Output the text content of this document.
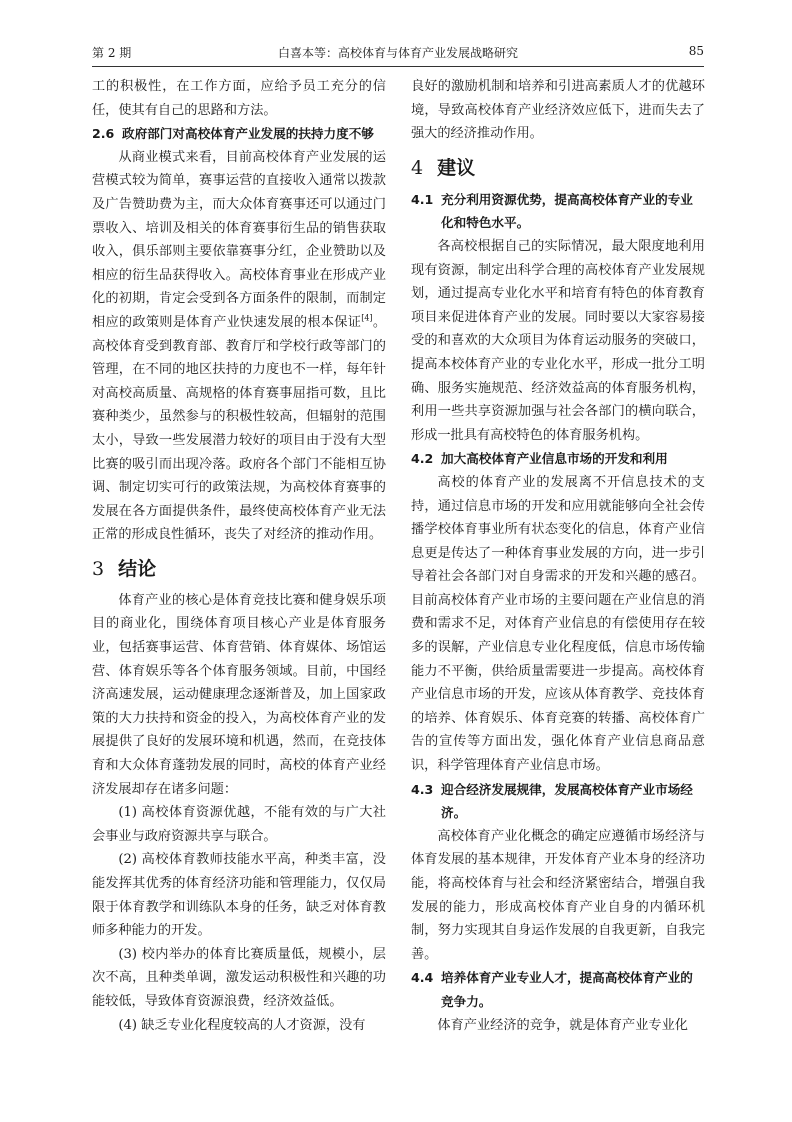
第 2 期	白喜本等：高校体育与体育产业发展战略研究	85

工的积极性，在工作方面，应给予员工充分的信任，使其有自己的思路和方法。

2.6 政府部门对高校体育产业发展的扶持力度不够

从商业模式来看，目前高校体育产业发展的运营模式较为简单，赛事运营的直接收入通常以拨款及广告赞助费为主，而大众体育赛事还可以通过门票收入、培训及相关的体育赛事衍生品的销售获取收入，俱乐部则主要依靠赛事分红，企业赞助以及相应的衍生品获得收入。高校体育事业在形成产业化的初期，肯定会受到各方面条件的限制，而制定相应的政策则是体育产业快速发展的根本保证[4]。高校体育受到教育部、教育厅和学校行政等部门的管理，在不同的地区扶持的力度也不一样，每年针对高校高质量、高规格的体育赛事屈指可数，且比赛种类少，虽然参与的积极性较高，但辐射的范围太小，导致一些发展潜力较好的项目由于没有大型比赛的吸引而出现冷落。政府各个部门不能相互协调、制定切实可行的政策法规，为高校体育赛事的发展在各方面提供条件，最终使高校体育产业无法正常的形成良性循环，丧失了对经济的推动作用。

3 结论

体育产业的核心是体育竞技比赛和健身娱乐项目的商业化，围绕体育项目核心产业是体育服务业，包括赛事运营、体育营销、体育媒体、场馆运营、体育娱乐等各个体育服务领域。目前，中国经济高速发展，运动健康理念逐渐普及，加上国家政策的大力扶持和资金的投入，为高校体育产业的发展提供了良好的发展环境和机遇，然而，在竞技体育和大众体育蓬勃发展的同时，高校的体育产业经济发展却存在诸多问题：

(1) 高校体育资源优越，不能有效的与广大社会事业与政府资源共享与联合。

(2) 高校体育教师技能水平高，种类丰富，没能发挥其优秀的体育经济功能和管理能力，仅仅局限于体育教学和训练队本身的任务，缺乏对体育教师多种能力的开发。

(3) 校内举办的体育比赛质量低，规模小，层次不高，且种类单调，激发运动积极性和兴趣的功能较低，导致体育资源浪费，经济效益低。

(4) 缺乏专业化程度较高的人才资源，没有

良好的激励机制和培养和引进高素质人才的优越环境，导致高校体育产业经济效应低下，进而失去了强大的经济推动作用。

4 建议
4.1 充分利用资源优势，提高高校体育产业的专业化和特色水平。

各高校根据自己的实际情况，最大限度地利用现有资源，制定出科学合理的高校体育产业发展规划，通过提高专业化水平和培育有特色的体育教育项目来促进体育产业的发展。同时要以大家容易接受的和喜欢的大众项目为体育运动服务的突破口，提高本校体育产业的专业化水平，形成一批分工明确、服务实施规范、经济效益高的体育服务机构，利用一些共享资源加强与社会各部门的横向联合，形成一批具有高校特色的体育服务机构。

4.2 加大高校体育产业信息市场的开发和利用

高校的体育产业的发展离不开信息技术的支持，通过信息市场的开发和应用就能够向全社会传播学校体育事业所有状态变化的信息，体育产业信息更是传达了一种体育事业发展的方向，进一步引导着社会各部门对自身需求的开发和兴趣的感召。目前高校体育产业市场的主要问题在产业信息的消费和需求不足，对体育产业信息的有偿使用存在较多的误解，产业信息专业化程度低，信息市场传输能力不平衡，供给质量需要进一步提高。高校体育产业信息市场的开发，应该从体育教学、竞技体育的培养、体育娱乐、体育竞赛的转播、高校体育广告的宣传等方面出发，强化体育产业信息商品意识，科学管理体育产业信息市场。

4.3 迎合经济发展规律，发展高校体育产业市场经济。

高校体育产业化概念的确定应遵循市场经济与体育发展的基本规律，开发体育产业本身的经济功能，将高校体育与社会和经济紧密结合，增强自我发展的能力，形成高校体育产业自身的内循环机制，努力实现其自身运作发展的自我更新，自我完善。

4.4 培养体育产业专业人才，提高高校体育产业的竞争力。

体育产业经济的竞争，就是体育产业专业化
